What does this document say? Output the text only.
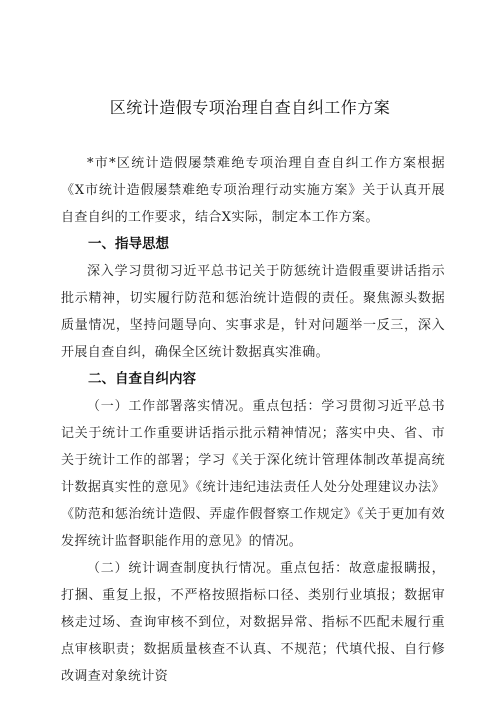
区统计造假专项治理自查自纠工作方案

*市*区统计造假屡禁难绝专项治理自查自纠工作方案根据《X市统计造假屡禁难绝专项治理行动实施方案》关于认真开展自查自纠的工作要求，结合X实际，制定本工作方案。

一、指导思想

深入学习贯彻习近平总书记关于防惩统计造假重要讲话指示批示精神，切实履行防范和惩治统计造假的责任。聚焦源头数据质量情况，坚持问题导向、实事求是，针对问题举一反三，深入开展自查自纠，确保全区统计数据真实准确。

二、自查自纠内容

（一）工作部署落实情况。重点包括：学习贯彻习近平总书记关于统计工作重要讲话指示批示精神情况；落实中央、省、市关于统计工作的部署；学习《关于深化统计管理体制改革提高统计数据真实性的意见》《统计违纪违法责任人处分处理建议办法》《防范和惩治统计造假、弄虚作假督察工作规定》《关于更加有效发挥统计监督职能作用的意见》的情况。

（二）统计调查制度执行情况。重点包括：故意虚报瞒报，打捆、重复上报，不严格按照指标口径、类别行业填报；数据审核走过场、查询审核不到位，对数据异常、指标不匹配未履行重点审核职责；数据质量核查不认真、不规范；代填代报、自行修改调查对象统计资
